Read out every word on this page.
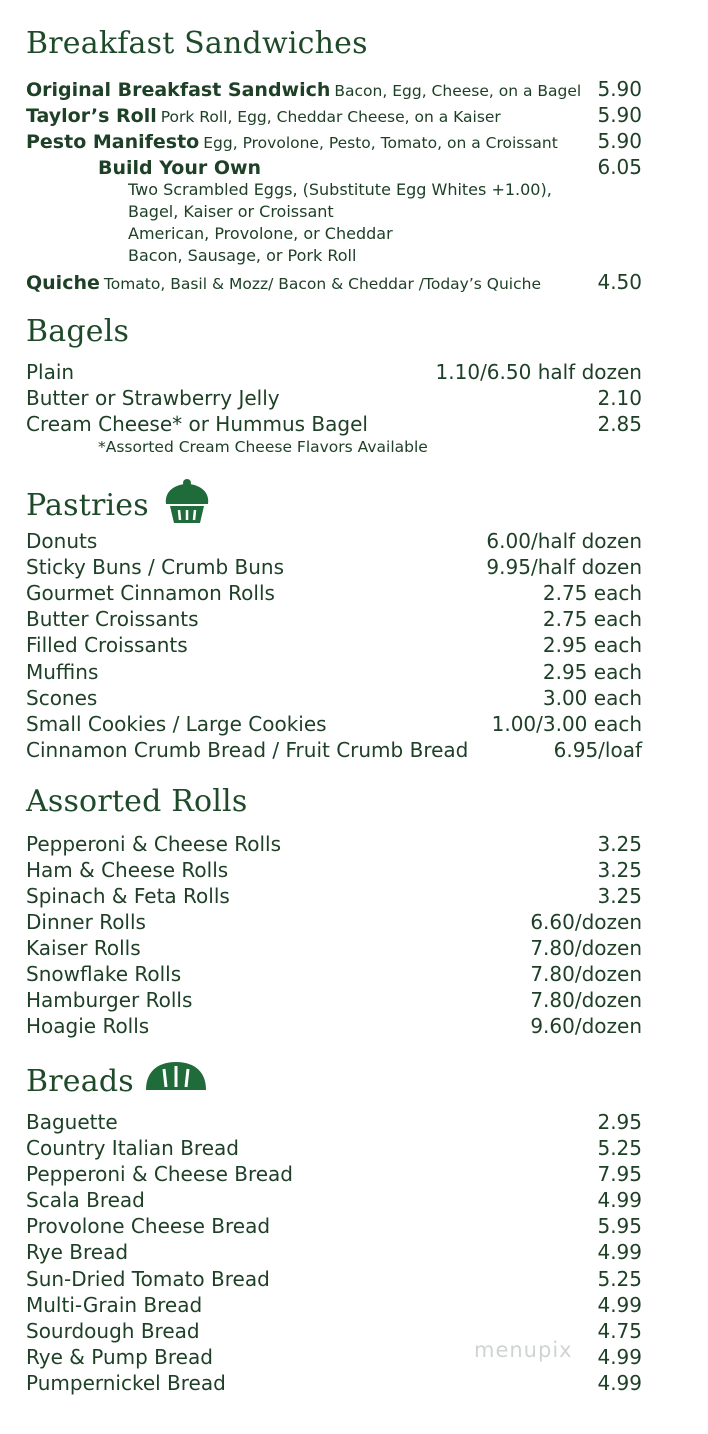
Breakfast Sandwiches
Original Breakfast Sandwich Bacon, Egg, Cheese, on a Bagel 5.90
Taylor’s Roll Pork Roll, Egg, Cheddar Cheese, on a Kaiser	5.90
Pesto Manifesto Egg, Provolone, Pesto, Tomato, on a Croissant 5.90
Build Your Own	6.05
Two Scrambled Eggs, (Substitute Egg Whites +1.00),
Bagel, Kaiser or Croissant
American, Provolone, or Cheddar
Bacon, Sausage, or Pork Roll
Quiche Tomato, Basil & Mozz/ Bacon & Cheddar /Today’s Quiche	4.50
Bagels
Plain	1.10/6.50 half dozen
Butter or Strawberry Jelly	2.10
Cream Cheese* or Hummus Bagel	2.85
*Assorted Cream Cheese Flavors Available
Pastries
Donuts	6.00/half dozen
Sticky Buns / Crumb Buns	9.95/half dozen
Gourmet Cinnamon Rolls	2.75 each
Butter Croissants	2.75 each
Filled Croissants	2.95 each
Muffins	2.95 each
Scones	3.00 each
Small Cookies / Large Cookies	1.00/3.00 each
Cinnamon Crumb Bread / Fruit Crumb Bread	6.95/loaf
Assorted Rolls
Pepperoni & Cheese Rolls	3.25
Ham & Cheese Rolls	3.25
Spinach & Feta Rolls	3.25
Dinner Rolls	6.60/dozen
Kaiser Rolls	7.80/dozen
Snowflake Rolls	7.80/dozen
Hamburger Rolls	7.80/dozen
Hoagie Rolls	9.60/dozen
Breads
Baguette	2.95
Country Italian Bread	5.25
Pepperoni & Cheese Bread	7.95
Scala Bread	4.99
Provolone Cheese Bread	5.95
Rye Bread	4.99
Sun-Dried Tomato Bread	5.25
Multi-Grain Bread	4.99
Sourdough Bread	4.75
Rye & Pump Bread	4.99
Pumpernickel Bread	4.99
menupix
